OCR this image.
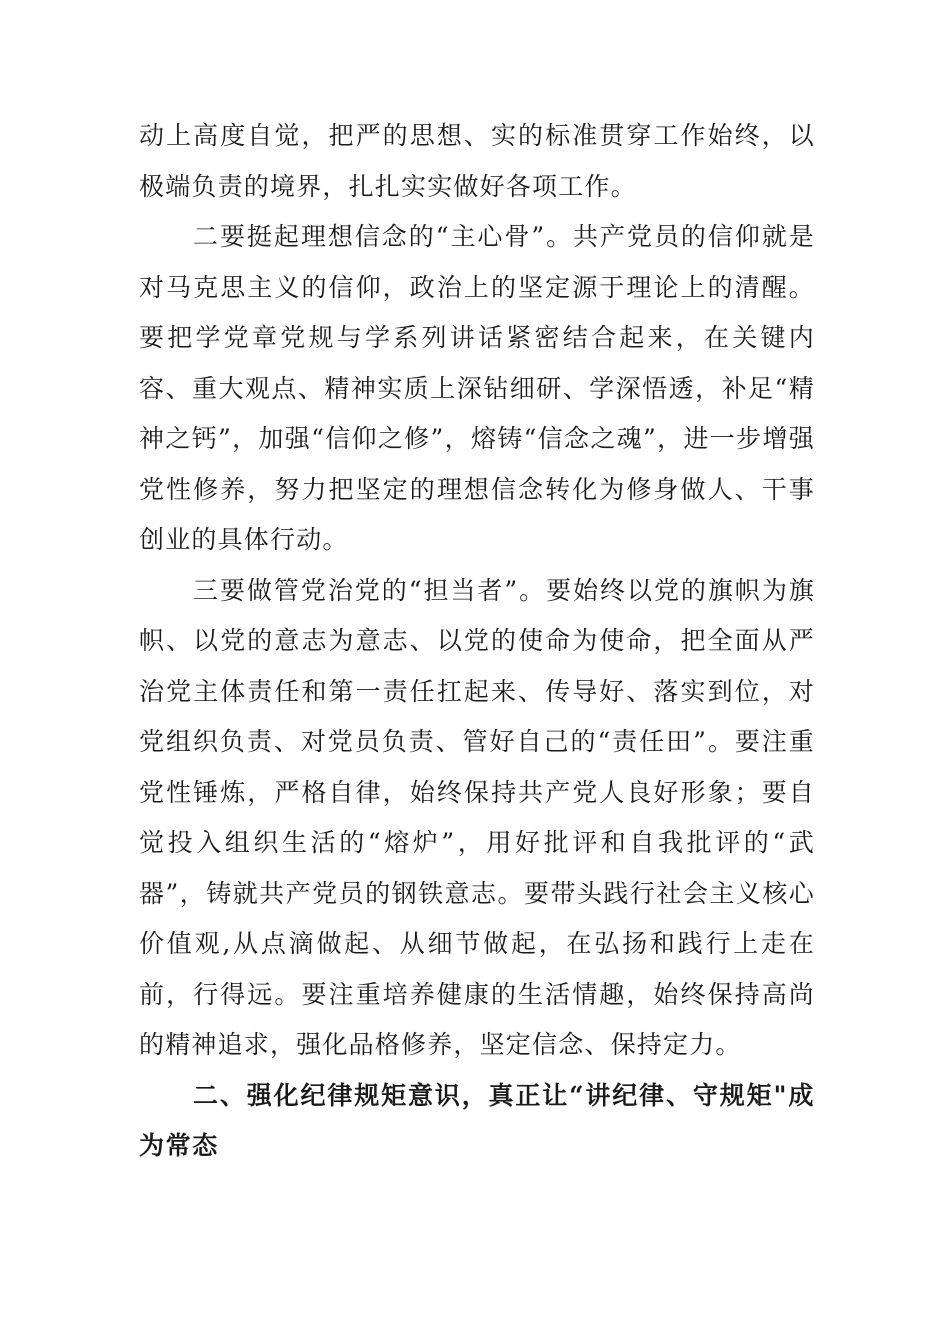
动上高度自觉，把严的思想、实的标准贯穿工作始终，以极端负责的境界，扎扎实实做好各项工作。

二要挺起理想信念的“主心骨”。共产党员的信仰就是对马克思主义的信仰，政治上的坚定源于理论上的清醒。要把学党章党规与学系列讲话紧密结合起来，在关键内容、重大观点、精神实质上深钻细研、学深悟透，补足“精神之钙”，加强“信仰之修”，熔铸“信念之魂”，进一步增强党性修养，努力把坚定的理想信念转化为修身做人、干事创业的具体行动。

三要做管党治党的“担当者”。要始终以党的旗帜为旗帜、以党的意志为意志、以党的使命为使命，把全面从严治党主体责任和第一责任扛起来、传导好、落实到位，对党组织负责、对党员负责、管好自己的“责任田”。要注重党性锤炼，严格自律，始终保持共产党人良好形象；要自觉投入组织生活的“熔炉”，用好批评和自我批评的“武器”，铸就共产党员的钢铁意志。要带头践行社会主义核心价值观,从点滴做起、从细节做起，在弘扬和践行上走在前，行得远。要注重培养健康的生活情趣，始终保持高尚的精神追求，强化品格修养，坚定信念、保持定力。

二、强化纪律规矩意识，真正让“讲纪律、守规矩"成为常态
